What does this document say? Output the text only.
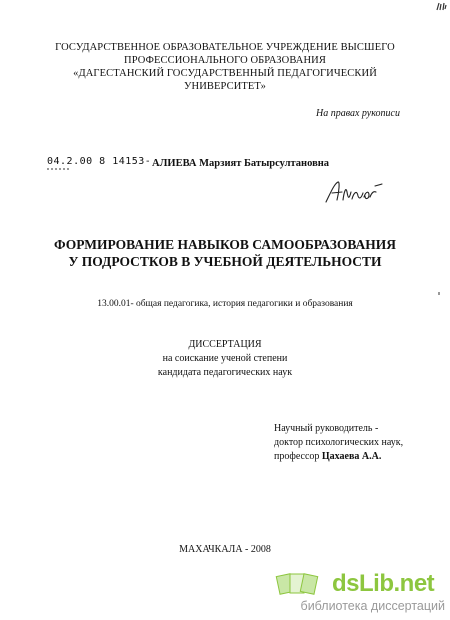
ГОСУДАРСТВЕННОЕ ОБРАЗОВАТЕЛЬНОЕ УЧРЕЖДЕНИЕ ВЫСШЕГО
ПРОФЕССИОНАЛЬНОГО ОБРАЗОВАНИЯ
«ДАГЕСТАНСКИЙ ГОСУДАРСТВЕННЫЙ ПЕДАГОГИЧЕСКИЙ
УНИВЕРСИТЕТ»
На правах рукописи
04.2.00 8 14153- АЛИЕВА Марзият Батырсултановна
ФОРМИРОВАНИЕ НАВЫКОВ САМООБРАЗОВАНИЯ
У ПОДРОСТКОВ В УЧЕБНОЙ ДЕЯТЕЛЬНОСТИ
13.00.01- общая педагогика, история педагогики и образования
ДИССЕРТАЦИЯ
на соискание ученой степени
кандидата педагогических наук
Научный руководитель -
доктор психологических наук,
профессор Цахаева А.А.
МАХАЧКАЛА - 2008
dsLib.net
библиотека диссертаций
